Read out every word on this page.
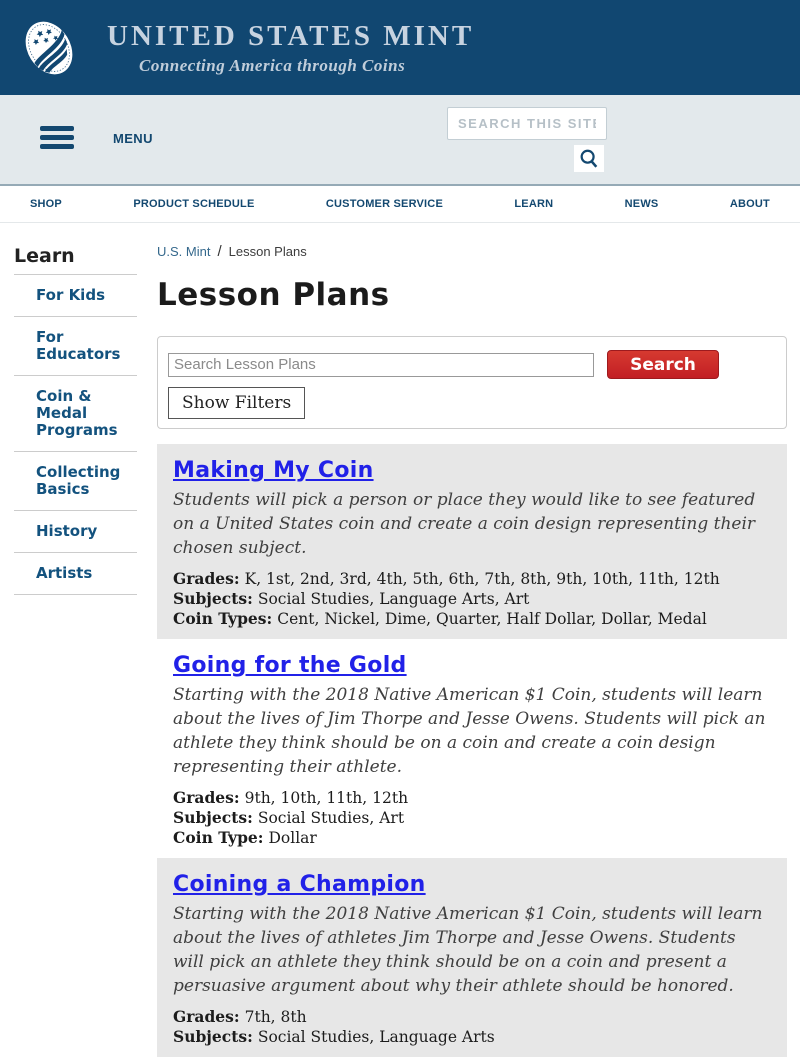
UNITED STATES MINT
Connecting America through Coins
MENU
SEARCH THIS SITE
SHOP	PRODUCT SCHEDULE	CUSTOMER SERVICE	LEARN	NEWS	ABOUT
Learn
For Kids
For Educators
Coin & Medal Programs
Collecting Basics
History
Artists
U.S. Mint / Lesson Plans
Lesson Plans
Search Lesson Plans
Search
Show Filters
Making My Coin

Students will pick a person or place they would like to see featured on a United States coin and create a coin design representing their chosen subject.

Grades: K, 1st, 2nd, 3rd, 4th, 5th, 6th, 7th, 8th, 9th, 10th, 11th, 12th
Subjects: Social Studies, Language Arts, Art
Coin Types: Cent, Nickel, Dime, Quarter, Half Dollar, Dollar, Medal
Going for the Gold

Starting with the 2018 Native American $1 Coin, students will learn about the lives of Jim Thorpe and Jesse Owens. Students will pick an athlete they think should be on a coin and create a coin design representing their athlete.

Grades: 9th, 10th, 11th, 12th
Subjects: Social Studies, Art
Coin Type: Dollar
Coining a Champion

Starting with the 2018 Native American $1 Coin, students will learn about the lives of athletes Jim Thorpe and Jesse Owens. Students will pick an athlete they think should be on a coin and present a persuasive argument about why their athlete should be honored.

Grades: 7th, 8th
Subjects: Social Studies, Language Arts
